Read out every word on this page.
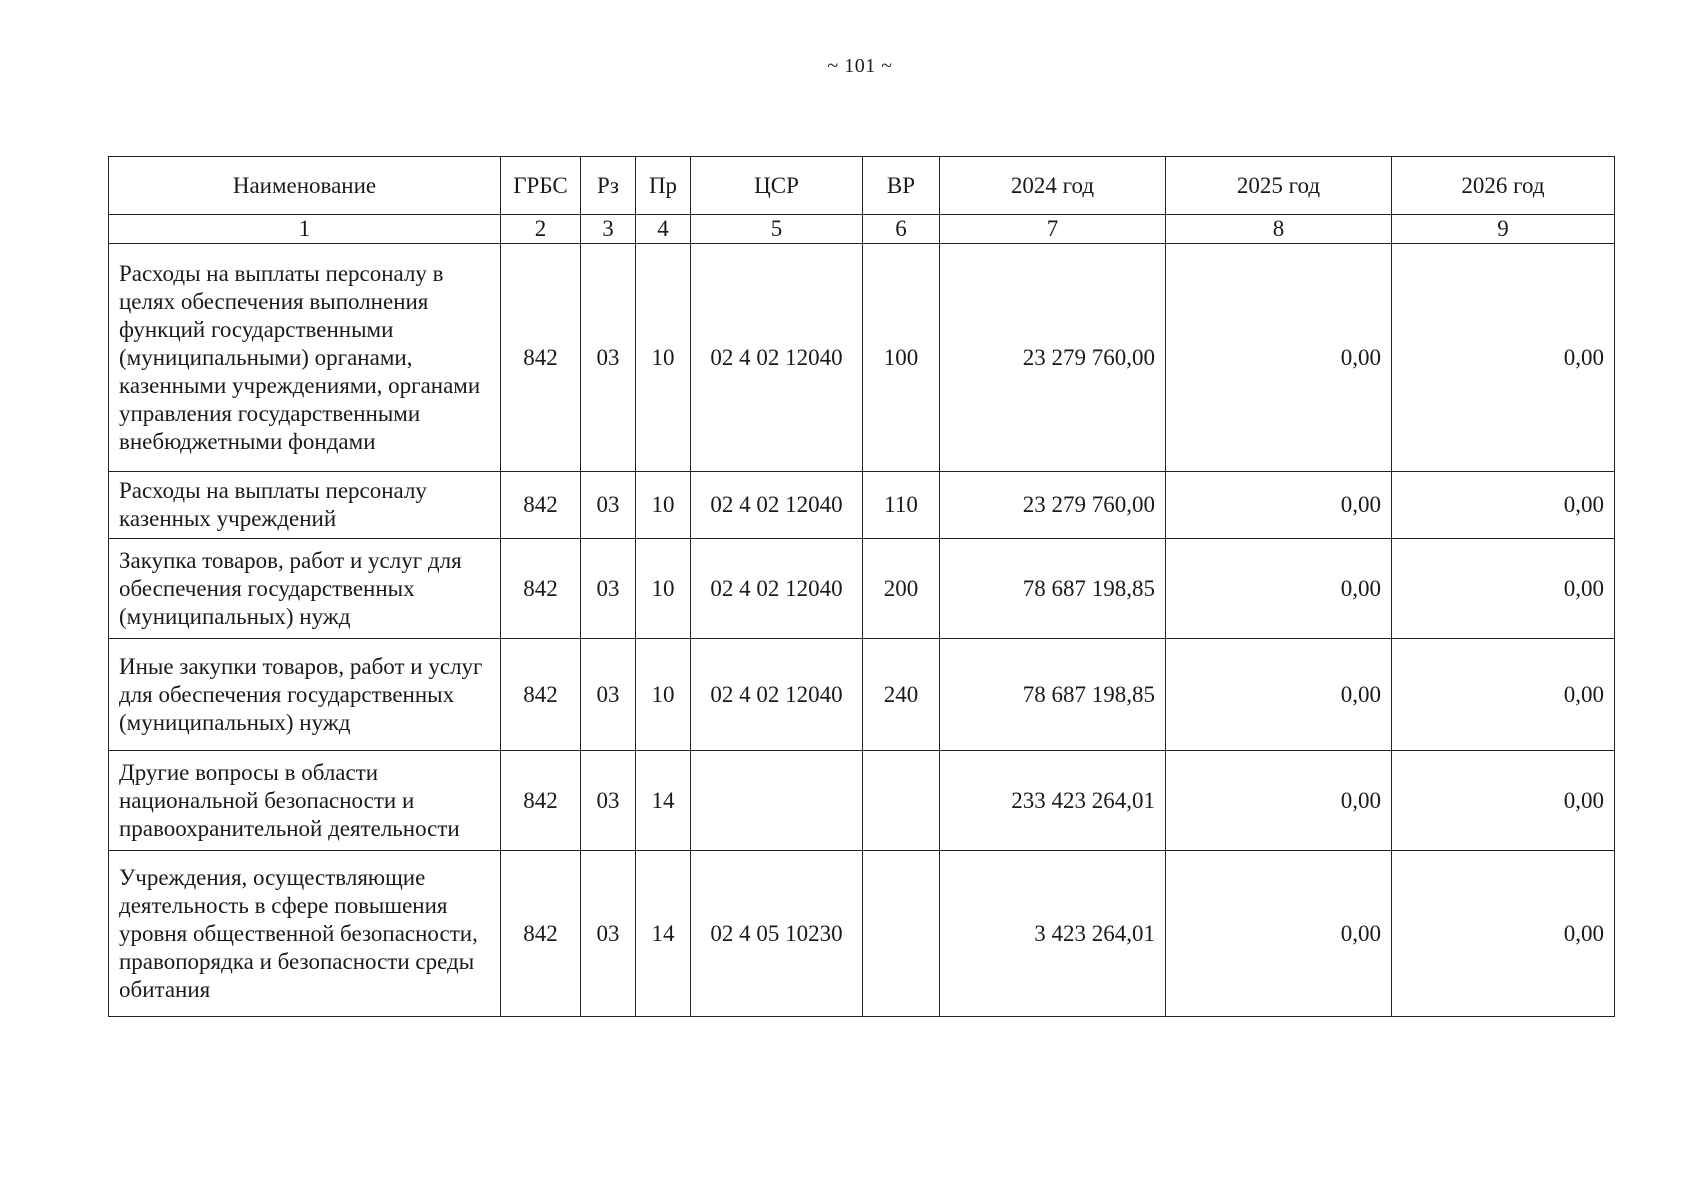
~ 101 ~
Наименование	ГРБС	Рз	Пр	ЦСР	ВР	2024 год	2025 год	2026 год
1	2	3	4	5	6	7	8	9
Расходы на выплаты персоналу в целях обеспечения выполнения функций государственными (муниципальными) органами, казенными учреждениями, органами управления государственными внебюджетными фондами	842	03	10	02 4 02 12040	100	23 279 760,00	0,00	0,00
Расходы на выплаты персоналу казенных учреждений	842	03	10	02 4 02 12040	110	23 279 760,00	0,00	0,00
Закупка товаров, работ и услуг для обеспечения государственных (муниципальных) нужд	842	03	10	02 4 02 12040	200	78 687 198,85	0,00	0,00
Иные закупки товаров, работ и услуг для обеспечения государственных (муниципальных) нужд	842	03	10	02 4 02 12040	240	78 687 198,85	0,00	0,00
Другие вопросы в области национальной безопасности и правоохранительной деятельности	842	03	14			233 423 264,01	0,00	0,00
Учреждения, осуществляющие деятельность в сфере повышения уровня общественной безопасности, правопорядка и безопасности среды обитания	842	03	14	02 4 05 10230		3 423 264,01	0,00	0,00
